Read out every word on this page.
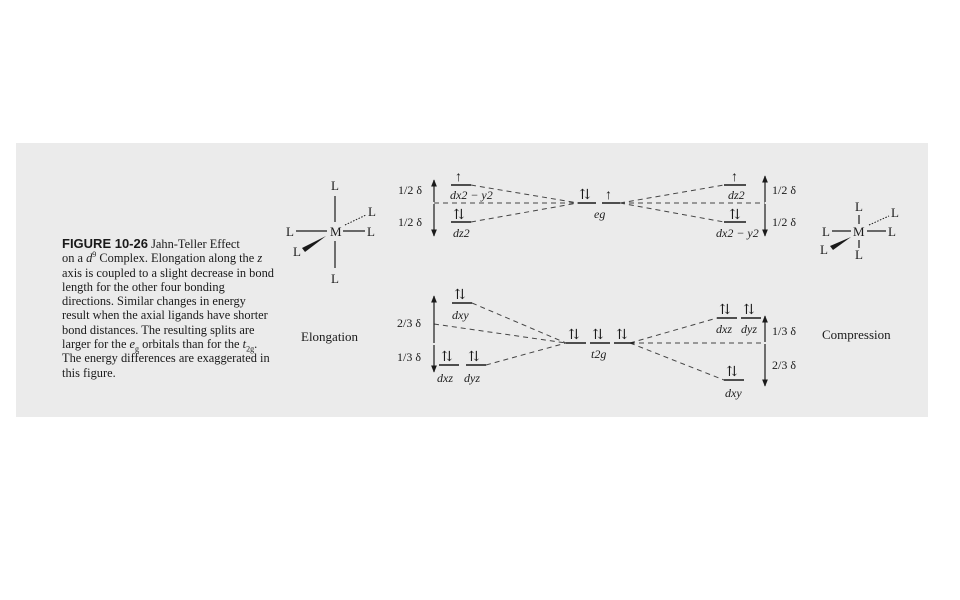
FIGURE 10-26 Jahn-Teller Effect
on a $d^9$ Complex. Elongation along the z axis is coupled to a slight decrease in bond length for the other four bonding directions. Similar changes in energy result when the axial ligands have shorter bond distances. The resulting splits are larger for the $e_g$ orbitals than for the $t_{2g}$. The energy differences are exaggerated in this figure.
L
M
L	L
L
L
L
Elongation
L
M
L	L
L
L L
Compression
↑
⇅
⇅ ↑
↑
⇅
⇅
⇅ ⇅
⇅ ⇅ ⇅
⇅ ⇅
⇅
dx2 − y2
dz2
eg
dz2
dx2 − y2
dxy
dxz dyz
t2g
dxz dyz
dxy
1/2 δ
1/2 δ
1/2 δ
1/2 δ
2/3 δ
1/3 δ
1/3 δ
2/3 δ
